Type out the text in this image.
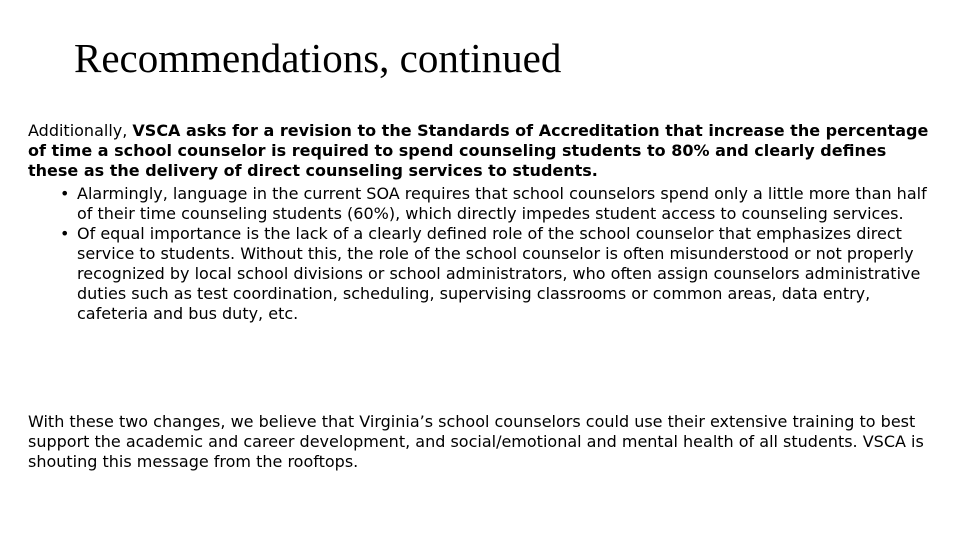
Recommendations, continued
Additionally, VSCA asks for a revision to the Standards of Accreditation that increase the percentage of time a school counselor is required to spend counseling students to 80% and clearly defines these as the delivery of direct counseling services to students.
• Alarmingly, language in the current SOA requires that school counselors spend only a little more than half of their time counseling students (60%), which directly impedes student access to counseling services.
• Of equal importance is the lack of a clearly defined role of the school counselor that emphasizes direct service to students. Without this, the role of the school counselor is often misunderstood or not properly recognized by local school divisions or school administrators, who often assign counselors administrative duties such as test coordination, scheduling, supervising classrooms or common areas, data entry, cafeteria and bus duty, etc.
With these two changes, we believe that Virginia’s school counselors could use their extensive training to best support the academic and career development, and social/emotional and mental health of all students. VSCA is shouting this message from the rooftops.
